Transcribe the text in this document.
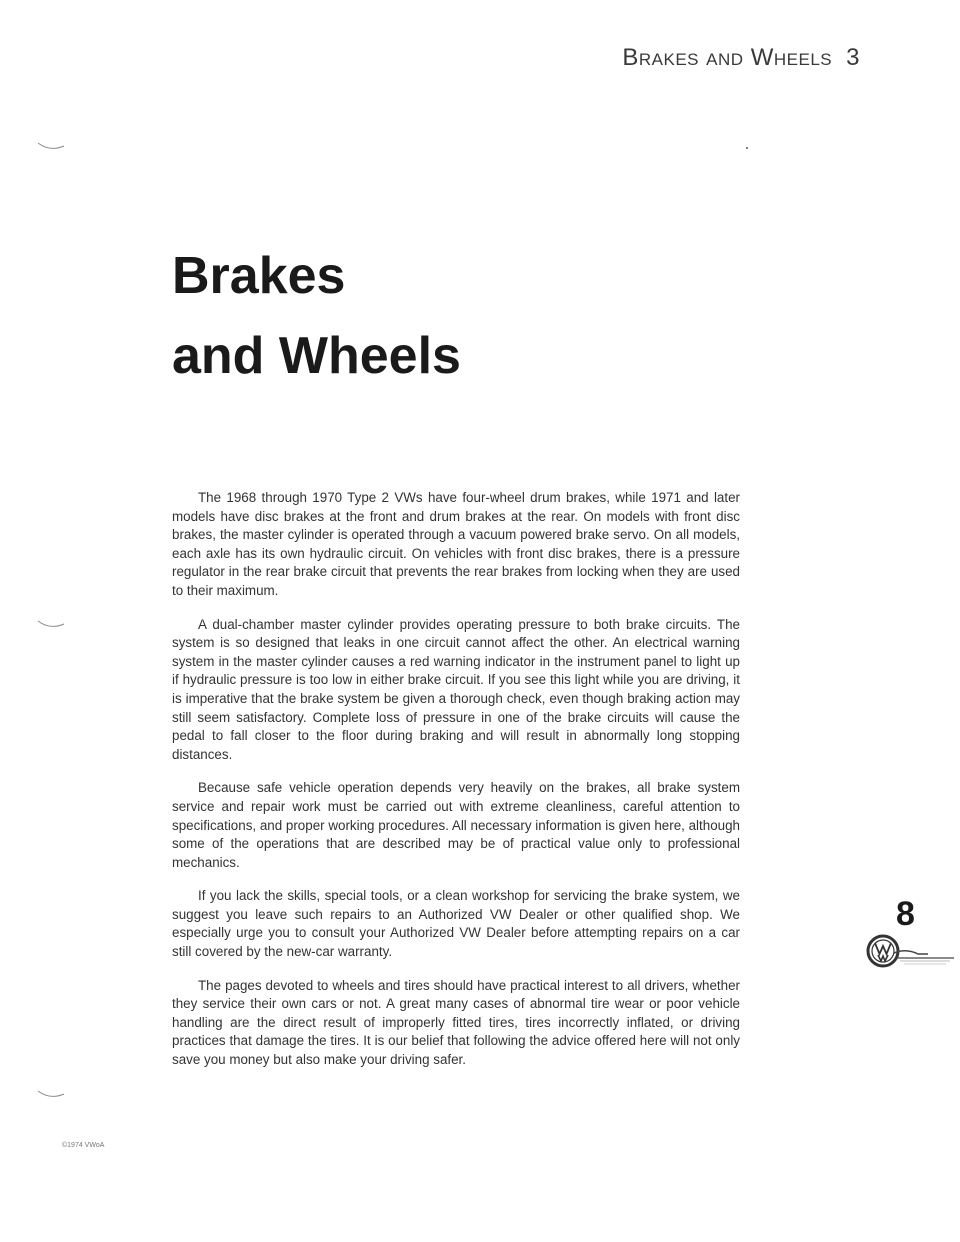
Brakes and Wheels 3
Brakes
and Wheels

The 1968 through 1970 Type 2 VWs have four-wheel drum brakes, while 1971 and later models have disc brakes at the front and drum brakes at the rear. On models with front disc brakes, the master cylinder is operated through a vacuum powered brake servo. On all models, each axle has its own hydraulic circuit. On vehicles with front disc brakes, there is a pressure regulator in the rear brake circuit that prevents the rear brakes from locking when they are used to their maximum.

A dual-chamber master cylinder provides operating pressure to both brake circuits. The system is so designed that leaks in one circuit cannot affect the other. An electrical warning system in the master cylinder causes a red warning indicator in the instrument panel to light up if hydraulic pressure is too low in either brake circuit. If you see this light while you are driving, it is imperative that the brake system be given a thorough check, even though braking action may still seem satisfactory. Complete loss of pressure in one of the brake circuits will cause the pedal to fall closer to the floor during braking and will result in abnormally long stopping distances.

Because safe vehicle operation depends very heavily on the brakes, all brake system service and repair work must be carried out with extreme cleanliness, careful attention to specifications, and proper working procedures. All necessary information is given here, although some of the operations that are described may be of practical value only to professional mechanics.

If you lack the skills, special tools, or a clean workshop for servicing the brake system, we suggest you leave such repairs to an Authorized VW Dealer or other qualified shop. We especially urge you to consult your Authorized VW Dealer before attempting repairs on a car still covered by the new-car warranty.

The pages devoted to wheels and tires should have practical interest to all drivers, whether they service their own cars or not. A great many cases of abnormal tire wear or poor vehicle handling are the direct result of improperly fitted tires, tires incorrectly inflated, or driving practices that damage the tires. It is our belief that following the advice offered here will not only save you money but also make your driving safer.

8
©1974 VWoA
